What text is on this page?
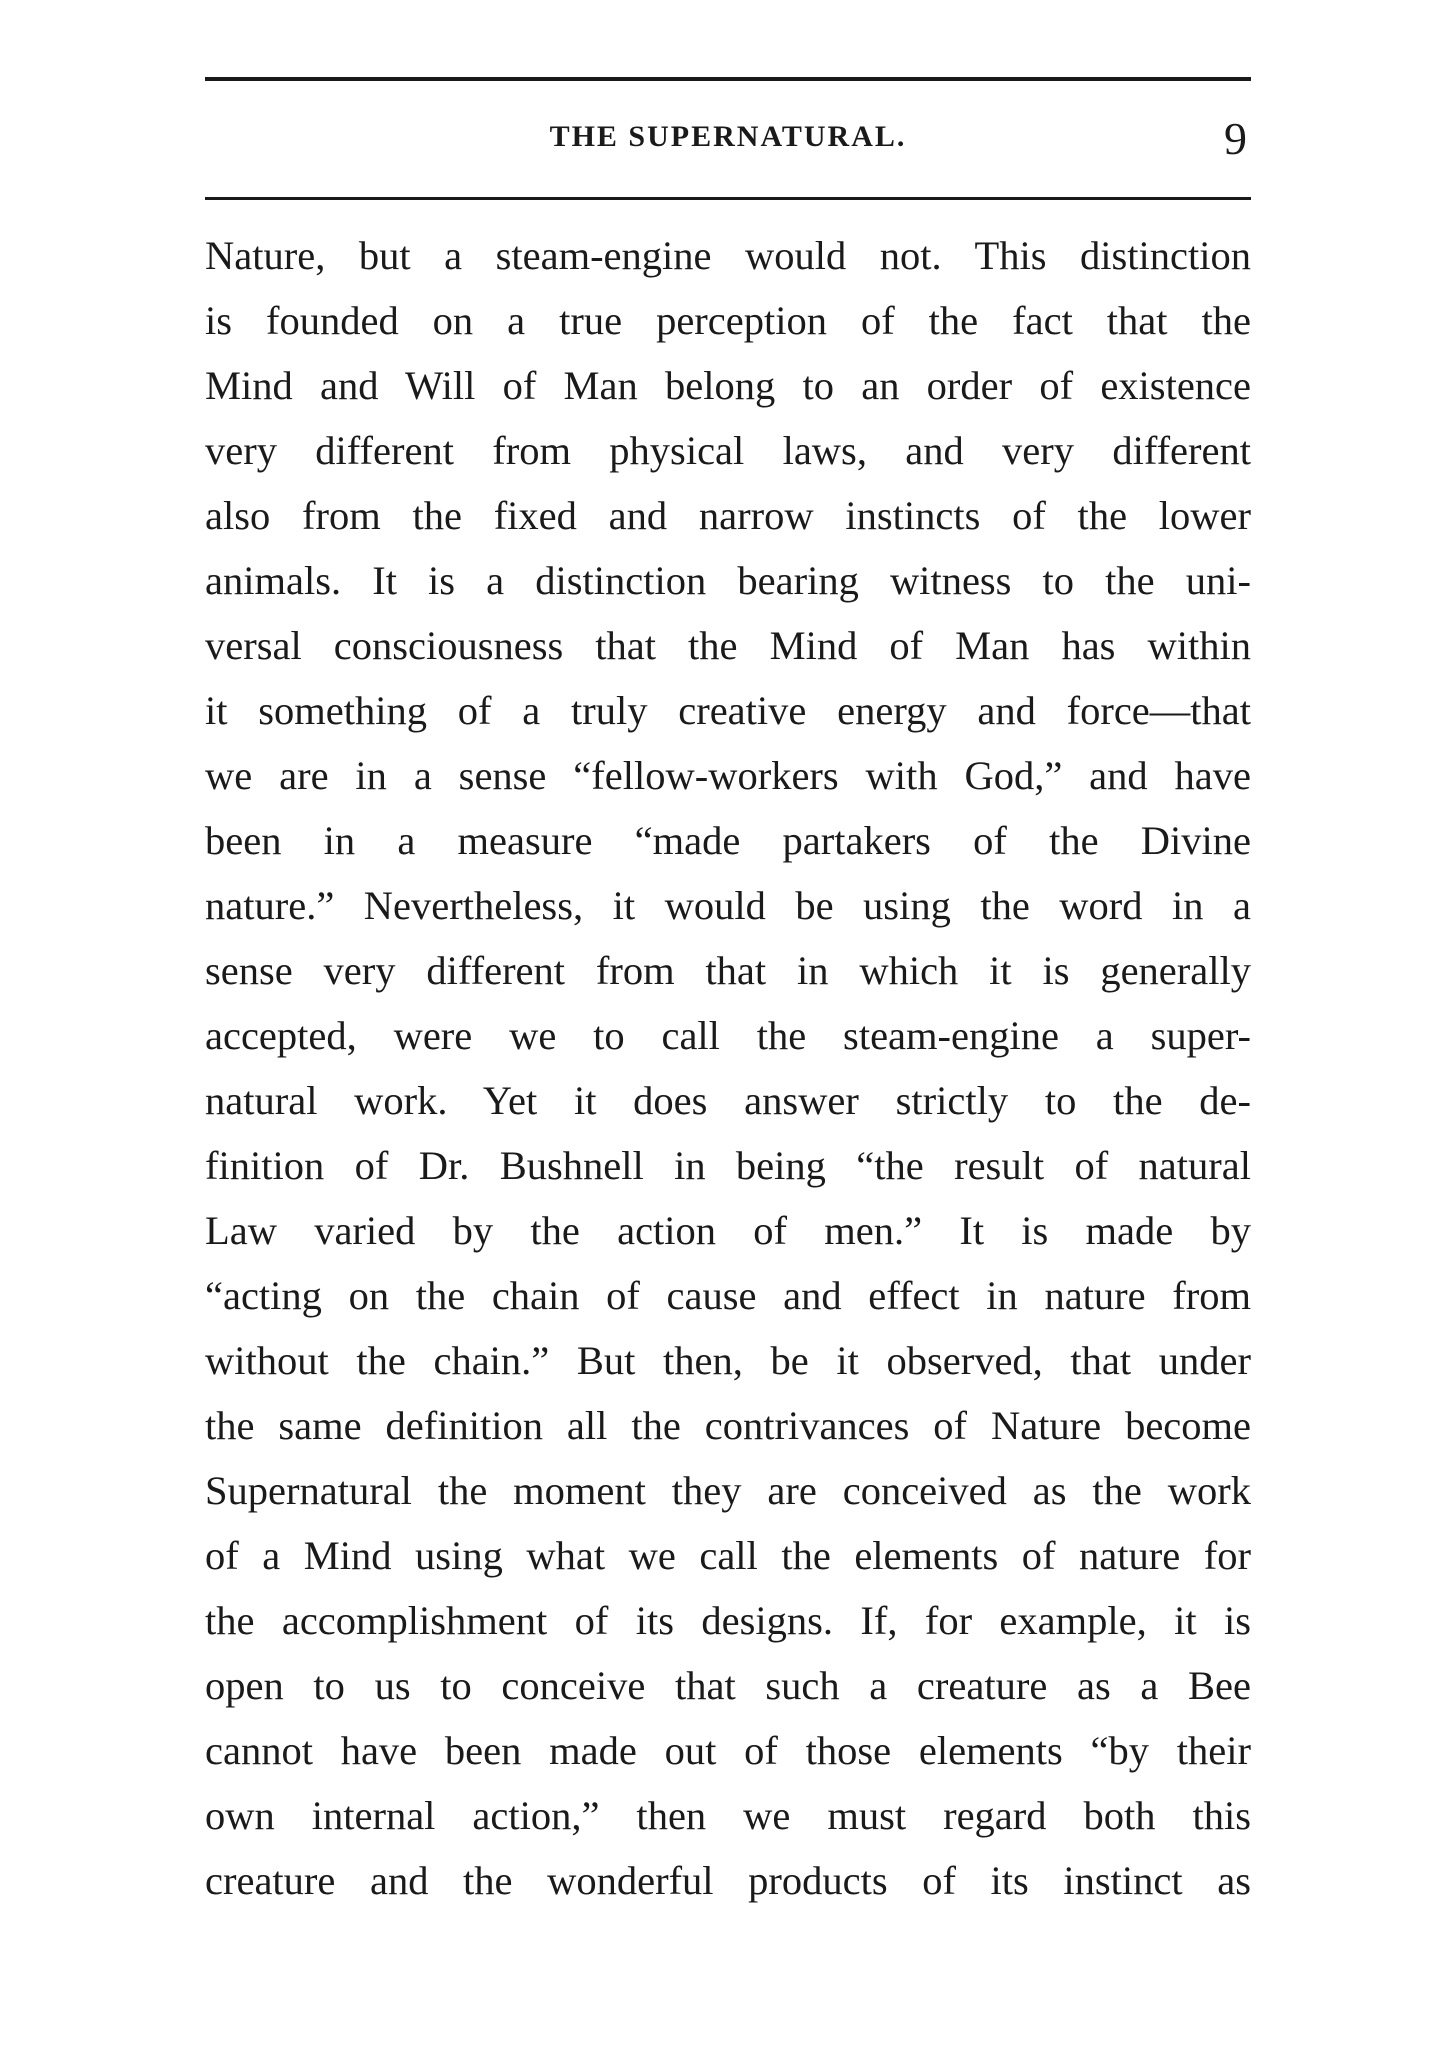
THE SUPERNATURAL.	9
Nature, but a steam-engine would not. This distinction
is founded on a true perception of the fact that the
Mind and Will of Man belong to an order of existence
very different from physical laws, and very different
also from the fixed and narrow instincts of the lower
animals. It is a distinction bearing witness to the uni-
versal consciousness that the Mind of Man has within
it something of a truly creative energy and force—that
we are in a sense “fellow-workers with God,” and have
been in a measure “made partakers of the Divine
nature.” Nevertheless, it would be using the word in a
sense very different from that in which it is generally
accepted, were we to call the steam-engine a super-
natural work. Yet it does answer strictly to the de-
finition of Dr. Bushnell in being “the result of natural
Law varied by the action of men.” It is made by
“acting on the chain of cause and effect in nature from
without the chain.” But then, be it observed, that under
the same definition all the contrivances of Nature become
Supernatural the moment they are conceived as the work
of a Mind using what we call the elements of nature for
the accomplishment of its designs. If, for example, it is
open to us to conceive that such a creature as a Bee
cannot have been made out of those elements “by their
own internal action,” then we must regard both this
creature and the wonderful products of its instinct as
